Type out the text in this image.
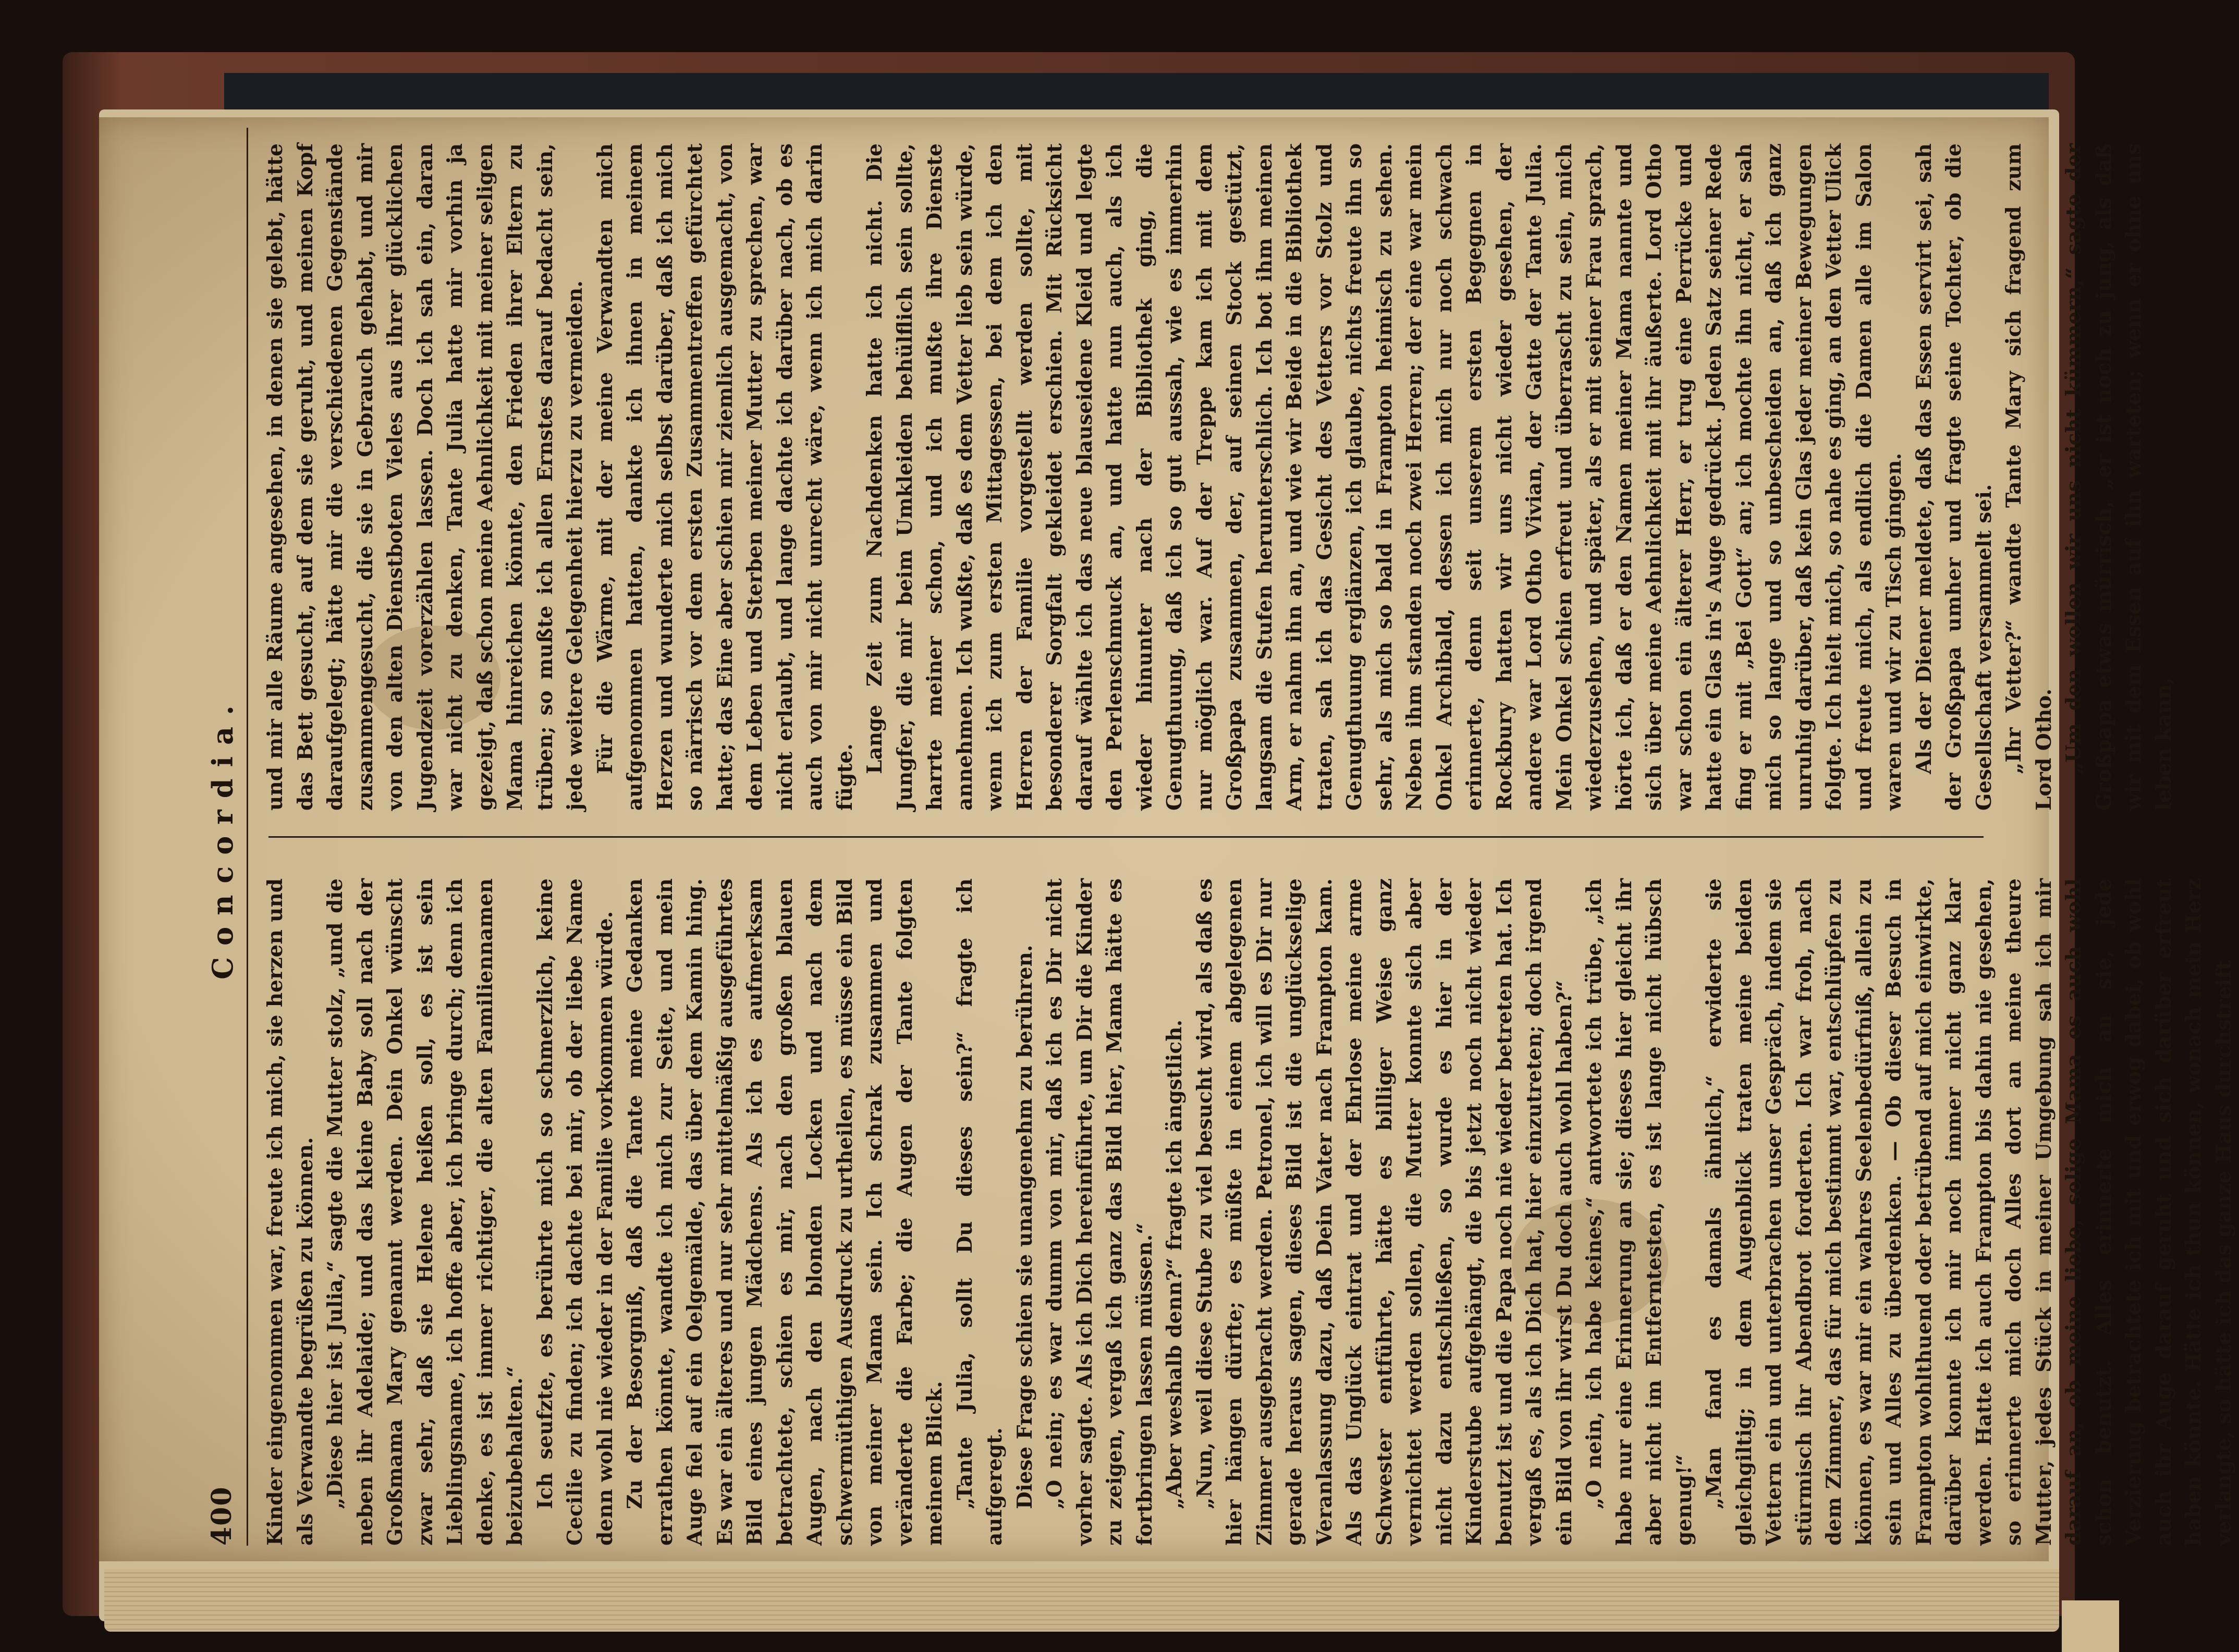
400
Concordia.

Kinder eingenommen war, freute ich mich, sie herzen und als Verwandte begrüßen zu können. „Diese hier ist Julia,“ sagte die Mutter stolz, „und die neben ihr Adelaide; und das kleine Baby soll nach der Großmama Mary genannt werden. Dein Onkel wünscht zwar sehr, daß sie Helene heißen soll, es ist sein Lieblingsname, ich hoffe aber, ich bringe durch; denn ich denke, es ist immer richtiger, die alten Familiennamen beizubehalten.“ Ich seufzte, es berührte mich so schmerzlich, keine Cecilie zu finden; ich dachte bei mir, ob der liebe Name denn wohl nie wieder in der Familie vorkommen würde. Zu der Besorgniß, daß die Tante meine Gedanken errathen könnte, wandte ich mich zur Seite, und mein Auge fiel auf ein Oelgemälde, das über dem Kamin hing. Es war ein älteres und nur sehr mittelmäßig ausgeführtes Bild eines jungen Mädchens. Als ich es aufmerksam betrachtete, schien es mir, nach den großen blauen Augen, nach den blonden Locken und nach dem schwermüthigen Ausdruck zu urtheilen, es müsse ein Bild von meiner Mama sein. Ich schrak zusammen und veränderte die Farbe; die Augen der Tante folgten meinem Blick. „Tante Julia, sollt Du dieses sein?“ fragte ich aufgeregt. Diese Frage schien sie unangenehm zu berühren. „O nein; es war dumm von mir, daß ich es Dir nicht vorher sagte. Als ich Dich hereinführte, um Dir die Kinder zu zeigen, vergaß ich ganz das Bild hier, Mama hätte es fortbringen lassen müssen.“ „Aber weshalb denn?“ fragte ich ängstlich. „Nun, weil diese Stube zu viel besucht wird, als daß es hier hängen dürfte; es müßte in einem abgelegenen Zimmer ausgebracht werden. Petronel, ich will es Dir nur gerade heraus sagen, dieses Bild ist die unglückselige Veranlassung dazu, daß Dein Vater nach Frampton kam. Als das Unglück eintrat und der Ehrlose meine arme Schwester entführte, hätte es billiger Weise ganz vernichtet werden sollen, die Mutter konnte sich aber nicht dazu entschließen, so wurde es hier in der Kinderstube aufgehängt, die bis jetzt noch nicht wieder benutzt ist und die Papa noch nie wieder betreten hat. Ich vergaß es, als ich Dich hat, hier einzutreten; doch irgend ein Bild von ihr wirst Du doch auch wohl haben?“ „O nein, ich habe keines,“ antwortete ich trübe, „ich habe nur eine Erinnerung an sie; dieses hier gleicht ihr aber nicht im Entferntesten, es ist lange nicht hübsch genug!“ „Man fand es damals ähnlich,“ erwiderte sie gleichgiltig; in dem Augenblick traten meine beiden Vettern ein und unterbrachen unser Gespräch, indem sie stürmisch ihr Abendbrot forderten. Ich war froh, nach dem Zimmer, das für mich bestimmt war, entschlüpfen zu können, es war mir ein wahres Seelenbedürfniß, allein zu sein und Alles zu überdenken. — Ob dieser Besuch in Frampton wohlthuend oder betrübend auf mich einwirkte, darüber konnte ich mir noch immer nicht ganz klar werden. Hatte ich auch Frampton bis dahin nie gesehen, so erinnerte mich doch Alles dort an meine theure Mutter, jedes Stück in meiner Umgebung sah ich mir darauf an, ob meine liebe, selige Mama es auch wohl schon benutzt. Alles erinnerte mich an sie, jede Verzierung betrachtete ich mit und erwog dabei, ob wohl auch ihr Auge darauf geruht und sich darüber erfreut haben könnte. Hätte ich thun können, wonach mein Herz verlangte, so hätte ich das ganze Haus durchstreift

und mir alle Räume angesehen, in denen sie gelebt, hätte das Bett gesucht, auf dem sie geruht, und meinen Kopf daraufgelegt; hätte mir die verschiedenen Gegenstände zusammengesucht, die sie in Gebrauch gehabt, und mir von den alten Dienstboten Vieles aus ihrer glücklichen Jugendzeit vorerzählen lassen. Doch ich sah ein, daran war nicht zu denken, Tante Julia hatte mir vorhin ja gezeigt, daß schon meine Aehnlichkeit mit meiner seligen Mama hinreichen könnte, den Frieden ihrer Eltern zu trüben; so mußte ich allen Ernstes darauf bedacht sein, jede weitere Gelegenheit hierzu zu vermeiden. Für die Wärme, mit der meine Verwandten mich aufgenommen hatten, dankte ich ihnen in meinem Herzen und wunderte mich selbst darüber, daß ich mich so närrisch vor dem ersten Zusammentreffen gefürchtet hatte; das Eine aber schien mir ziemlich ausgemacht, von dem Leben und Sterben meiner Mutter zu sprechen, war nicht erlaubt, und lange dachte ich darüber nach, ob es auch von mir nicht unrecht wäre, wenn ich mich darin fügte.

Lange Zeit zum Nachdenken hatte ich nicht. Die Jungfer, die mir beim Umkleiden behülflich sein sollte, harrte meiner schon, und ich mußte ihre Dienste annehmen. Ich wußte, daß es dem Vetter lieb sein würde, wenn ich zum ersten Mittagessen, bei dem ich den Herren der Familie vorgestellt werden sollte, mit besonderer Sorgfalt gekleidet erschien. Mit Rücksicht darauf wählte ich das neue blauseidene Kleid und legte den Perlenschmuck an, und hatte nun auch, als ich wieder hinunter nach der Bibliothek ging, die Genugthuung, daß ich so gut aussah, wie es immerhin nur möglich war. Auf der Treppe kam ich mit dem Großpapa zusammen, der, auf seinen Stock gestützt, langsam die Stufen herunterschlich. Ich bot ihm meinen Arm, er nahm ihn an, und wie wir Beide in die Bibliothek traten, sah ich das Gesicht des Vetters vor Stolz und Genugthuung erglänzen, ich glaube, nichts freute ihn so sehr, als mich so bald in Frampton heimisch zu sehen. Neben ihm standen noch zwei Herren; der eine war mein Onkel Archibald, dessen ich mich nur noch schwach erinnerte, denn seit unserem ersten Begegnen in Rockbury hatten wir uns nicht wieder gesehen, der andere war Lord Otho Vivian, der Gatte der Tante Julia. Mein Onkel schien erfreut und überrascht zu sein, mich wiederzusehen, und später, als er mit seiner Frau sprach, hörte ich, daß er den Namen meiner Mama nannte und sich über meine Aehnlichkeit mit ihr äußerte. Lord Otho war schon ein älterer Herr, er trug eine Perrücke und hatte ein Glas in's Auge gedrückt. Jeden Satz seiner Rede fing er mit „Bei Gott“ an; ich mochte ihn nicht, er sah mich so lange und so unbescheiden an, daß ich ganz unruhig darüber, daß kein Glas jeder meiner Bewegungen folgte. Ich hielt mich, so nahe es ging, an den Vetter Ulick und freute mich, als endlich die Damen alle im Salon waren und wir zu Tisch gingen. Als der Diener meldete, daß das Essen servirt sei, sah der Großpapa umher und fragte seine Tochter, ob die Gesellschaft versammelt sei. „Ihr Vetter?“ wandte Tante Mary sich fragend zum Lord Otho. „Um den wollen wir uns nicht kümmern,“ sagte der Großpapa etwas mürrisch, „er ist noch zu jung, als daß wir mit dem Essen auf ihn warteten; wenn er ohne uns leben kann,
